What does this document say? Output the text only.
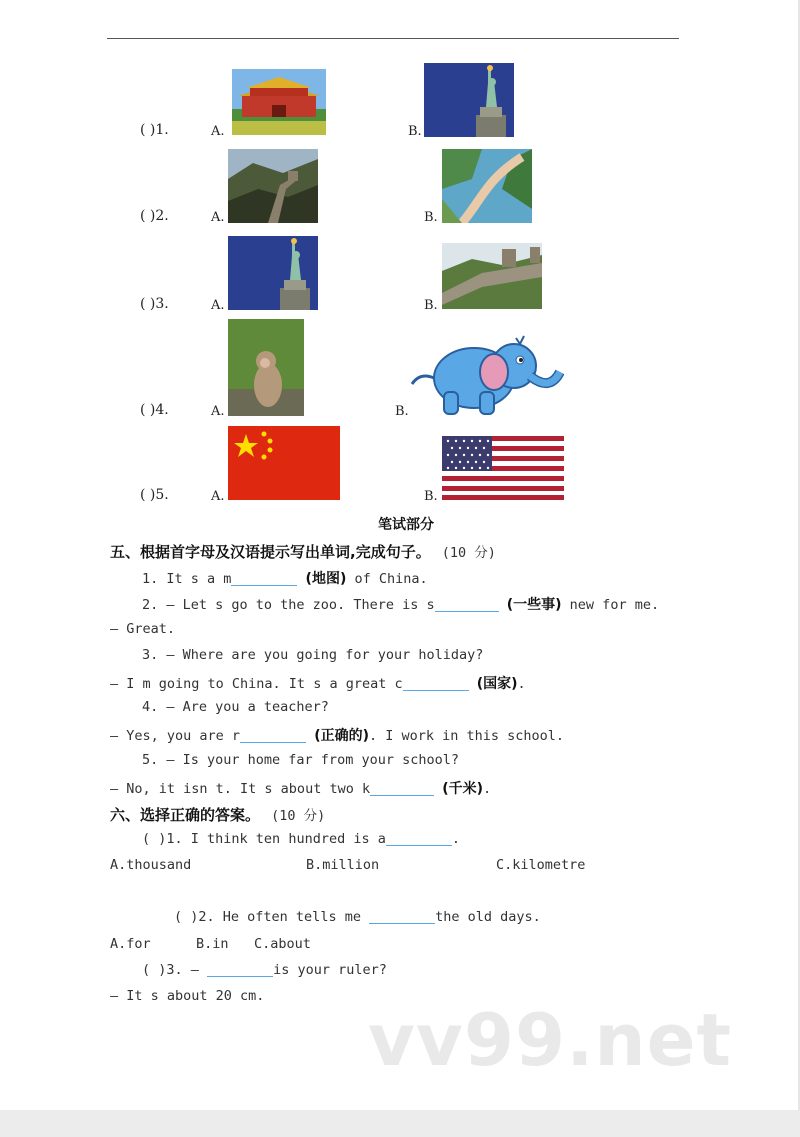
( )1.	A.	B.
( )2.	A.	B.
( )3.	A.	B.
( )4.	A.	B.
( )5.	A.	B.
笔试部分
五、根据首字母及汉语提示写出单词,完成句子。 (10 分)
1. It s a m	(地图) of China.
2. — Let s go to the zoo. There is s	(一些事) new for me.
— Great.
3. — Where are you going for your holiday?
— I m going to China. It s a great c	(国家).
4. — Are you a teacher?
— Yes, you are r	(正确的). I work in this school.
5. — Is your home far from your school?
— No, it isn t. It s about two k	(千米).
六、选择正确的答案。 (10 分)
( )1. I think ten hundred is a	.
A.thousand	B.million	C.kilometre
( )2. He often tells me	the old days.
A.for	B.in C.about
( )3. —	is your ruler?
— It s about 20 cm.
vv99.net
